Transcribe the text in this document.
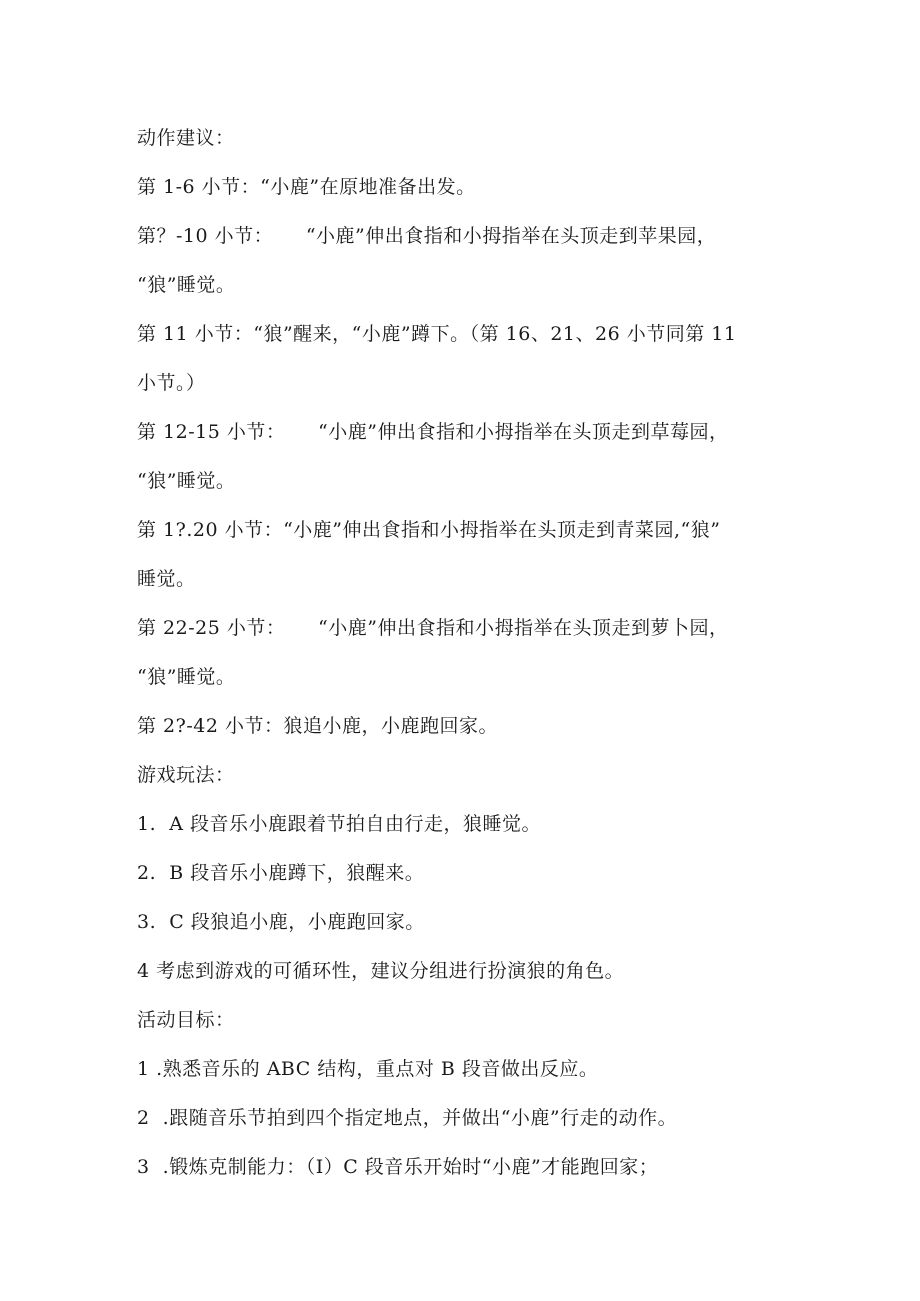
动作建议：
第 1-6 小节：“小鹿”在原地准备出发。
第？-10 小节：     “小鹿”伸出食指和小拇指举在头顶走到苹果园，
“狼”睡觉。
第 11 小节：“狼”醒来，“小鹿”蹲下。（第 16、21、26 小节同第 11
小节。）
第 12-15 小节：     “小鹿”伸出食指和小拇指举在头顶走到草莓园，
“狼”睡觉。
第 1?.20 小节：“小鹿”伸出食指和小拇指举在头顶走到青菜园,“狼”
睡觉。
第 22-25 小节：     “小鹿”伸出食指和小拇指举在头顶走到萝卜园，
“狼”睡觉。
第 2?-42 小节：狼追小鹿，小鹿跑回家。
游戏玩法：
1.  A 段音乐小鹿跟着节拍自由行走，狼睡觉。
2.  B 段音乐小鹿蹲下，狼醒来。
3.  C 段狼追小鹿，小鹿跑回家。
4 考虑到游戏的可循环性，建议分组进行扮演狼的角色。
活动目标：
1 .熟悉音乐的 ABC 结构，重点对 B 段音做出反应。
2  .跟随音乐节拍到四个指定地点，并做出“小鹿”行走的动作。
3  .锻炼克制能力：（I）C 段音乐开始时“小鹿”才能跑回家；
